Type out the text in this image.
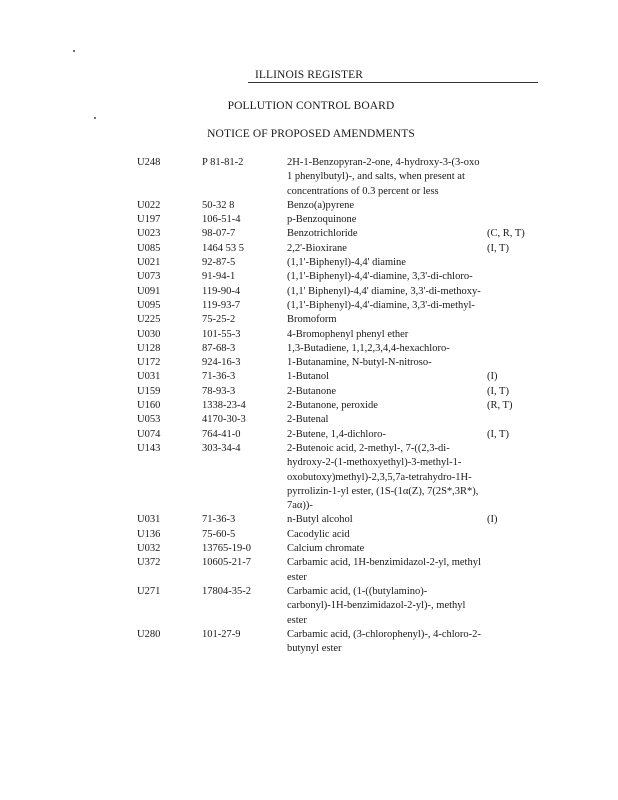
ILLINOIS REGISTER
POLLUTION CONTROL BOARD
NOTICE OF PROPOSED AMENDMENTS
U248	P 81-81-2	2H-1-Benzopyran-2-one, 4-hydroxy-3-(3-oxo 1 phenylbutyl)-, and salts, when present at concentrations of 0.3 percent or less
U022	50-32 8	Benzo(a)pyrene
U197	106-51-4	p-Benzoquinone
U023	98-07-7	Benzotrichloride	(C, R, T)
U085	1464 53 5	2,2'-Bioxirane	(I, T)
U021	92-87-5	(1,1'-Biphenyl)-4,4' diamine
U073	91-94-1	(1,1'-Biphenyl)-4,4'-diamine, 3,3'-di-chloro-
U091	119-90-4	(1,1' Biphenyl)-4,4' diamine, 3,3'-di-methoxy-
U095	119-93-7	(1,1'-Biphenyl)-4,4'-diamine, 3,3'-di-methyl-
U225	75-25-2	Bromoform
U030	101-55-3	4-Bromophenyl phenyl ether
U128	87-68-3	1,3-Butadiene, 1,1,2,3,4,4-hexachloro-
U172	924-16-3	1-Butanamine, N-butyl-N-nitroso-
U031	71-36-3	1-Butanol	(I)
U159	78-93-3	2-Butanone	(I, T)
U160	1338-23-4	2-Butanone, peroxide	(R, T)
U053	4170-30-3	2-Butenal
U074	764-41-0	2-Butene, 1,4-dichloro-	(I, T)
U143	303-34-4	2-Butenoic acid, 2-methyl-, 7-((2,3-di-hydroxy-2-(1-methoxyethyl)-3-methyl-1-oxobutoxy)methyl)-2,3,5,7a-tetrahydro-1H-pyrrolizin-1-yl ester, (1S-(1α(Z), 7(2S*,3R*), 7aα))-
U031	71-36-3	n-Butyl alcohol	(I)
U136	75-60-5	Cacodylic acid
U032	13765-19-0	Calcium chromate
U372	10605-21-7	Carbamic acid, 1H-benzimidazol-2-yl, methyl ester
U271	17804-35-2	Carbamic acid, (1-((butylamino)-carbonyl)-1H-benzimidazol-2-yl)-, methyl ester
U280	101-27-9	Carbamic acid, (3-chlorophenyl)-, 4-chloro-2-butynyl ester
